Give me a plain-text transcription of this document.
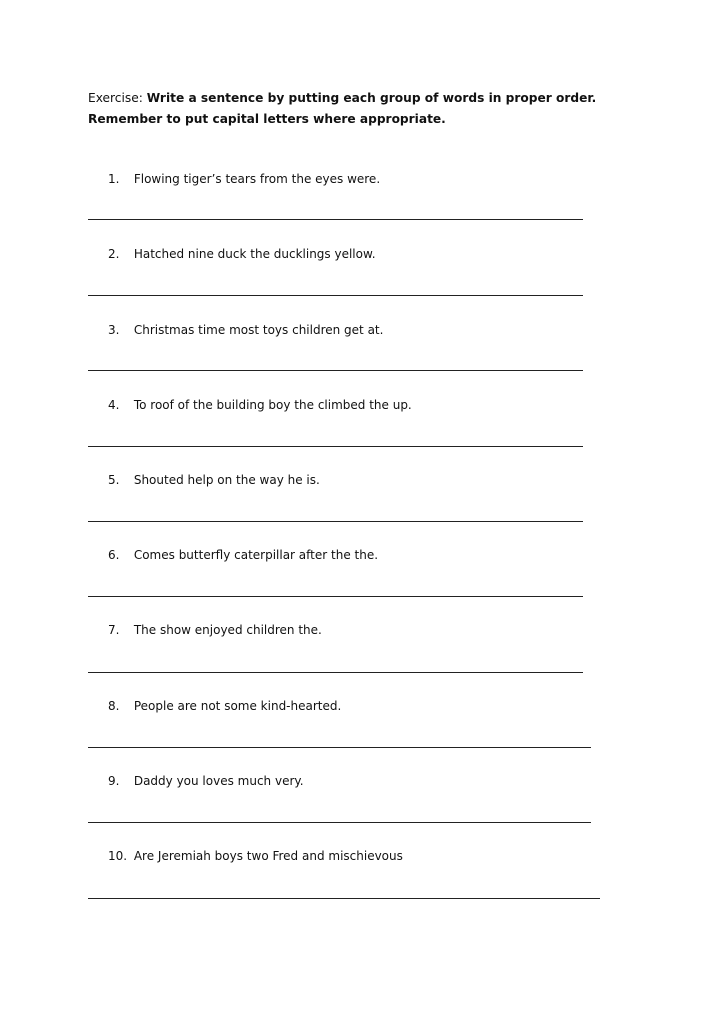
Exercise: Write a sentence by putting each group of words in proper order.
Remember to put capital letters where appropriate.
1. Flowing tiger’s tears from the eyes were.
2. Hatched nine duck the ducklings yellow.
3. Christmas time most toys children get at.
4. To roof of the building boy the climbed the up.
5. Shouted help on the way he is.
6. Comes butterfly caterpillar after the the.
7. The show enjoyed children the.
8. People are not some kind-hearted.
9. Daddy you loves much very.
10. Are Jeremiah boys two Fred and mischievous
